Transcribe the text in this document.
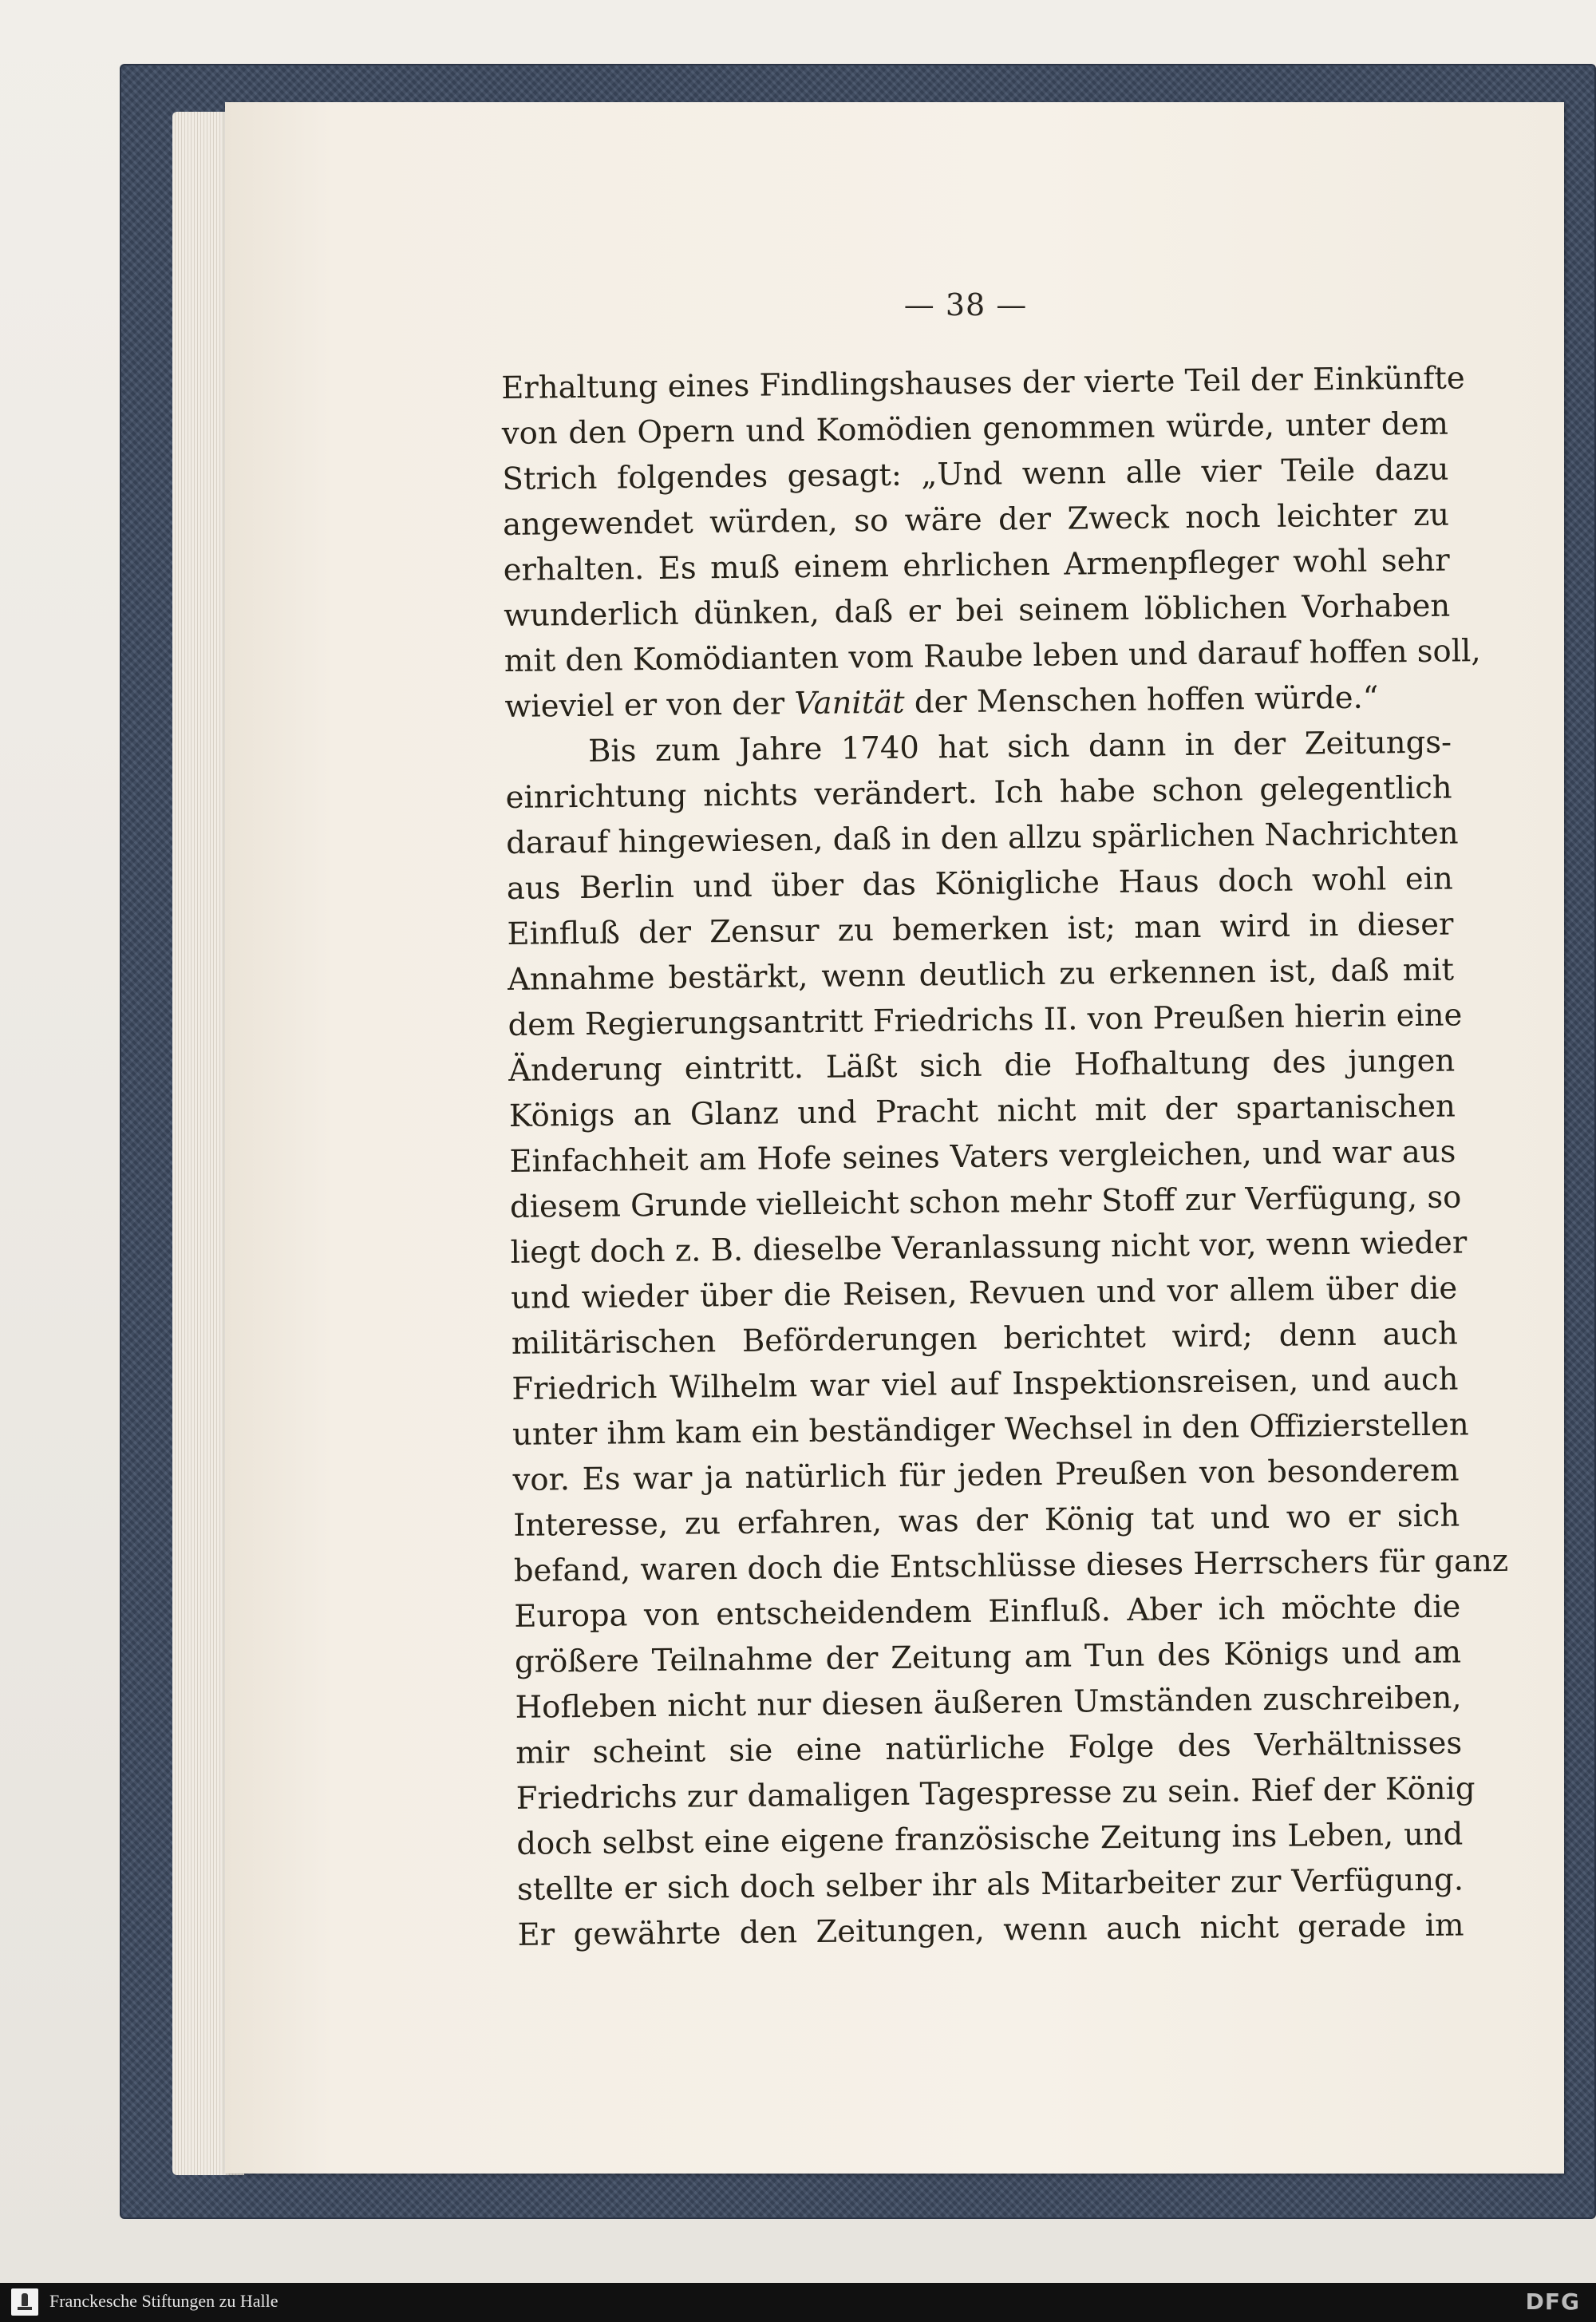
— 38 —
Erhaltung eines Findlingshauses der vierte Teil der Einkünfte
von den Opern und Komödien genommen würde, unter dem
Strich folgendes gesagt: „Und wenn alle vier Teile dazu
angewendet würden, so wäre der Zweck noch leichter zu
erhalten. Es muß einem ehrlichen Armenpfleger wohl sehr
wunderlich dünken, daß er bei seinem löblichen Vorhaben
mit den Komödianten vom Raube leben und darauf hoffen soll,
wieviel er von der Vanität der Menschen hoffen würde.“
Bis zum Jahre 1740 hat sich dann in der Zeitungs-
einrichtung nichts verändert. Ich habe schon gelegentlich
darauf hingewiesen, daß in den allzu spärlichen Nachrichten
aus Berlin und über das Königliche Haus doch wohl ein
Einfluß der Zensur zu bemerken ist; man wird in dieser
Annahme bestärkt, wenn deutlich zu erkennen ist, daß mit
dem Regierungsantritt Friedrichs II. von Preußen hierin eine
Änderung eintritt. Läßt sich die Hofhaltung des jungen
Königs an Glanz und Pracht nicht mit der spartanischen
Einfachheit am Hofe seines Vaters vergleichen, und war aus
diesem Grunde vielleicht schon mehr Stoff zur Verfügung, so
liegt doch z. B. dieselbe Veranlassung nicht vor, wenn wieder
und wieder über die Reisen, Revuen und vor allem über die
militärischen Beförderungen berichtet wird; denn auch
Friedrich Wilhelm war viel auf Inspektionsreisen, und auch
unter ihm kam ein beständiger Wechsel in den Offizierstellen
vor. Es war ja natürlich für jeden Preußen von besonderem
Interesse, zu erfahren, was der König tat und wo er sich
befand, waren doch die Entschlüsse dieses Herrschers für ganz
Europa von entscheidendem Einfluß. Aber ich möchte die
größere Teilnahme der Zeitung am Tun des Königs und am
Hofleben nicht nur diesen äußeren Umständen zuschreiben,
mir scheint sie eine natürliche Folge des Verhältnisses
Friedrichs zur damaligen Tagespresse zu sein. Rief der König
doch selbst eine eigene französische Zeitung ins Leben, und
stellte er sich doch selber ihr als Mitarbeiter zur Verfügung.
Er gewährte den Zeitungen, wenn auch nicht gerade im
Franckesche Stiftungen zu Halle	DFG
